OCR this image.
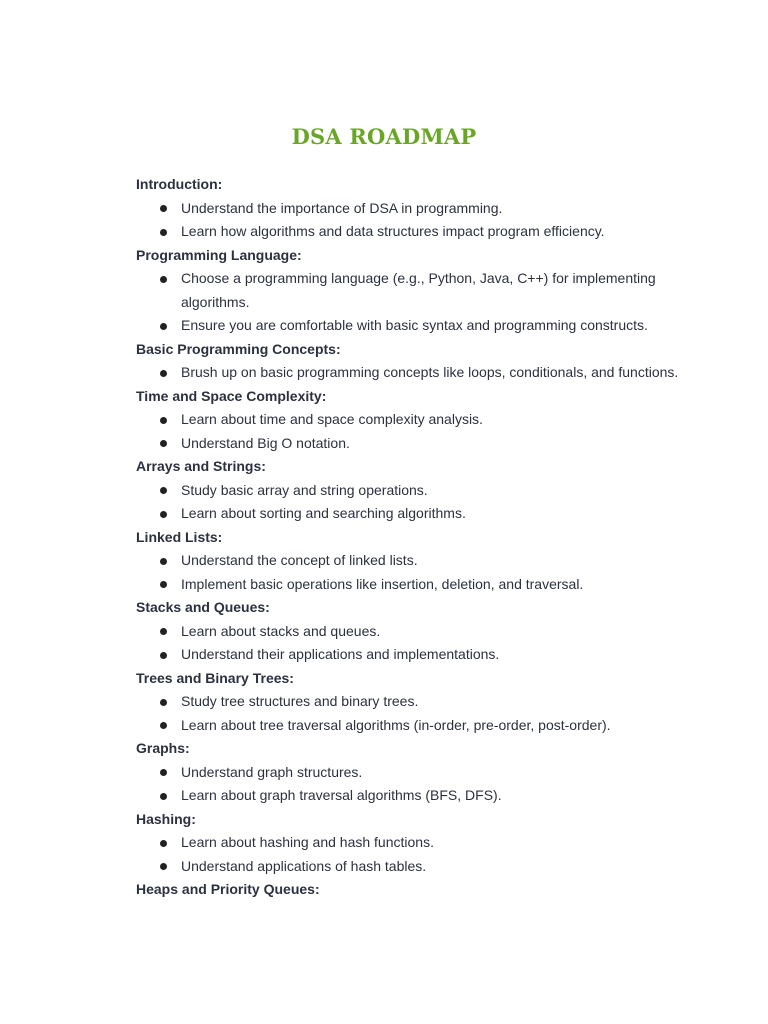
DSA ROADMAP

Introduction:

Understand the importance of DSA in programming.
Learn how algorithms and data structures impact program efficiency.

Programming Language:

Choose a programming language (e.g., Python, Java, C++) for implementing algorithms.
Ensure you are comfortable with basic syntax and programming constructs.

Basic Programming Concepts:

Brush up on basic programming concepts like loops, conditionals, and functions.

Time and Space Complexity:

Learn about time and space complexity analysis.
Understand Big O notation.

Arrays and Strings:

Study basic array and string operations.
Learn about sorting and searching algorithms.

Linked Lists:

Understand the concept of linked lists.
Implement basic operations like insertion, deletion, and traversal.

Stacks and Queues:

Learn about stacks and queues.
Understand their applications and implementations.

Trees and Binary Trees:

Study tree structures and binary trees.
Learn about tree traversal algorithms (in-order, pre-order, post-order).

Graphs:

Understand graph structures.
Learn about graph traversal algorithms (BFS, DFS).

Hashing:

Learn about hashing and hash functions.
Understand applications of hash tables.

Heaps and Priority Queues:
